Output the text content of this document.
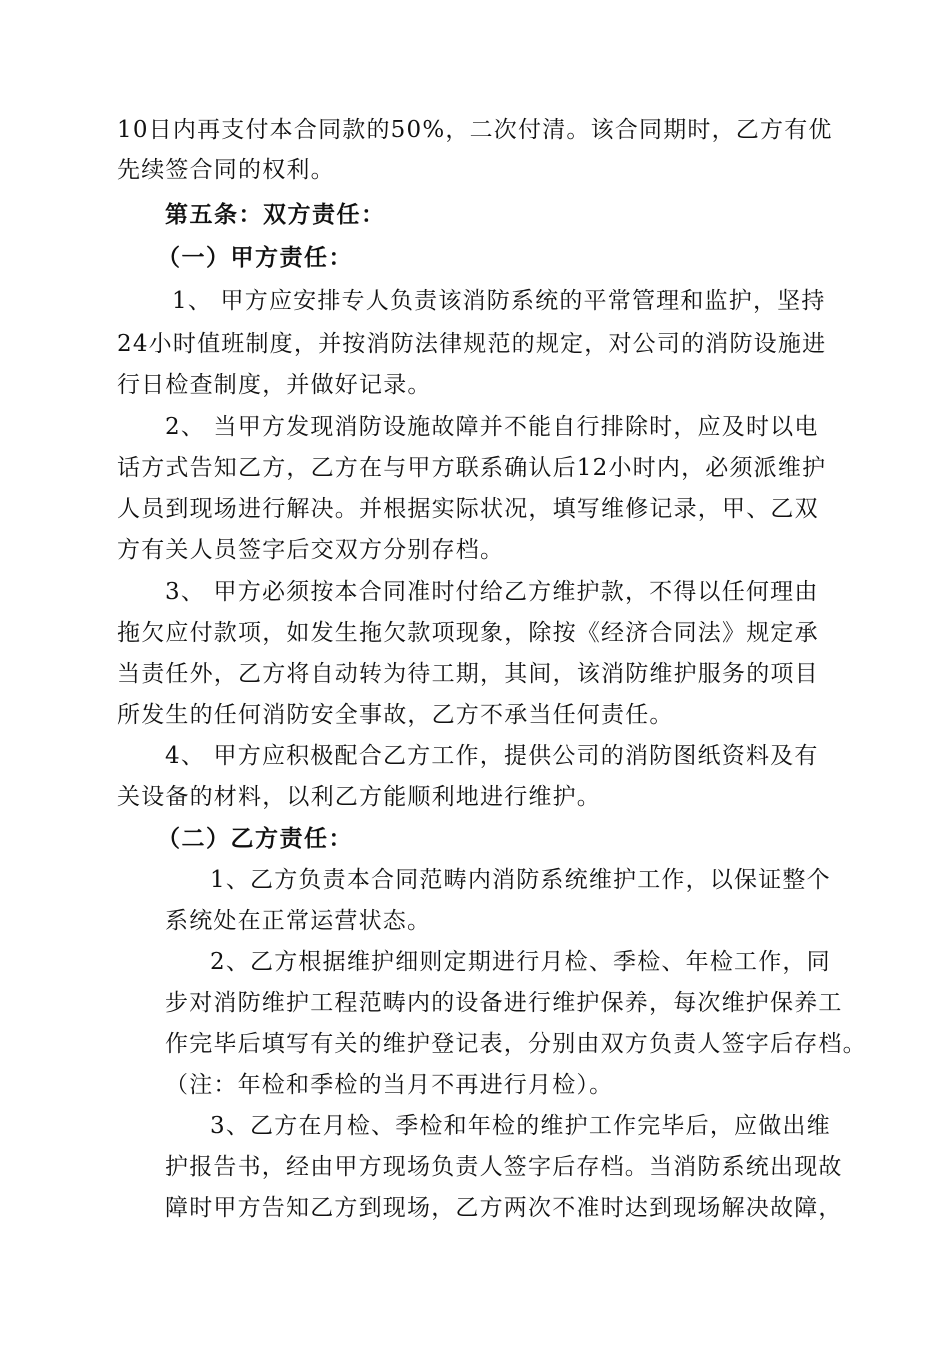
10日内再支付本合同款的50%，二次付清。该合同期时，乙方有优
先续签合同的权利。
第五条：双方责任：
（一）甲方责任：
1、 甲方应安排专人负责该消防系统的平常管理和监护，坚持
24小时值班制度，并按消防法律规范的规定，对公司的消防设施进
行日检查制度，并做好记录。
2、 当甲方发现消防设施故障并不能自行排除时，应及时以电
话方式告知乙方，乙方在与甲方联系确认后12小时内，必须派维护
人员到现场进行解决。并根据实际状况，填写维修记录，甲、乙双
方有关人员签字后交双方分别存档。
3、 甲方必须按本合同准时付给乙方维护款，不得以任何理由
拖欠应付款项，如发生拖欠款项现象，除按《经济合同法》规定承
当责任外，乙方将自动转为待工期，其间，该消防维护服务的项目
所发生的任何消防安全事故，乙方不承当任何责任。
4、 甲方应积极配合乙方工作，提供公司的消防图纸资料及有
关设备的材料，以利乙方能顺利地进行维护。
（二）乙方责任：
1、乙方负责本合同范畴内消防系统维护工作，以保证整个
系统处在正常运营状态。
2、乙方根据维护细则定期进行月检、季检、年检工作，同
步对消防维护工程范畴内的设备进行维护保养，每次维护保养工
作完毕后填写有关的维护登记表，分别由双方负责人签字后存档。
（注：年检和季检的当月不再进行月检）。
3、乙方在月检、季检和年检的维护工作完毕后，应做出维
护报告书，经由甲方现场负责人签字后存档。当消防系统出现故
障时甲方告知乙方到现场，乙方两次不准时达到现场解决故障，
